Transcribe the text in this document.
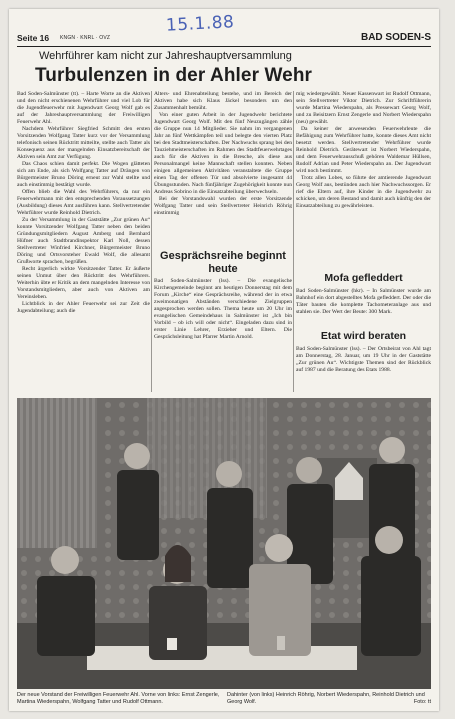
15.1.88
Seite 16 KNGN · KNRL · OVZ	BAD SODEN-S
Wehrführer kam nicht zur Jahreshauptversammlung
Turbulenzen in der Ahler Wehr

Bad Soden-Salmünster (tt). – Harte Worte an die Aktiven und den nicht erschienenen Wehrführer und viel Lob für die Jugendfeuerwehr mit Jugendwart Georg Wolf gab es auf der Jahreshauptversammlung der Freiwilligen Feuerwehr Ahl.

Nachdem Wehrführer Siegfried Schmitt den ersten Vorsitzenden Wolfgang Tatter kurz vor der Versammlung telefonisch seinen Rücktritt mitteilte, stellte auch Tatter als Konsequenz aus der mangelnden Einsatzbereitschaft der Aktiven sein Amt zur Verfügung.

Das Chaos schien damit perfekt. Die Wogen glätteten sich am Ende, als sich Wolfgang Tatter auf Drängen von Bürgermeister Bruno Döring erneut zur Wahl stellte und auch einstimmig bestätigt wurde.

Offen blieb die Wahl des Wehrführers, da nur ein Feuerwehrmann mit den entsprechenden Voraussetzungen (Ausbildung) dieses Amt ausführen kann. Stellvertretender Wehrführer wurde Reinhold Dietrich.

Zu der Versammlung in der Gaststätte „Zur grünen Au“ konnte Vorsitzender Wolfgang Tatter neben den beiden Gründungsmitgliedern August Amberg und Bernhard Hüfner auch Stadtbrandinspektor Karl Noll, dessen Stellvertreter Winfried Kirchner, Bürgermeister Bruno Döring und Ortsvorsteher Ewald Wolf, die allesamt Grußworte sprachen, begrüßen.

Recht ärgerlich wirkte Vorsitzender Tatter. Er äußerte seinen Unmut über den Rücktritt des Wehrführers. Weiterhin übte er Kritik an dem mangelnden Interesse von Vorstandsmitgliedern, aber auch von Aktiven am Vereinsleben.

Lichtblick in der Ahler Feuerwehr sei zur Zeit die Jugendabteilung; auch die

Alters- und Ehrenabteilung bestehe, und im Bereich der Aktiven habe sich Klaus Jäckel besonders um den Zusammenhalt bemüht.

Von einer guten Arbeit in der Jugendwehr berichtete Jugendwart Georg Wolf. Mit den fünf Neuzugängen zähle die Gruppe nun 14 Mitglieder. Sie nahm im vergangenen Jahr an fünf Wettkämpfen teil und belegte den vierten Platz bei den Stadtmeisterschaften. Der Nachwuchs sprang bei den Tauziehmeisterschaften im Rahmen des Stadtfeuerwehrtages auch für die Aktiven in die Bresche, als diese aus Personalmangel keine Mannschaft stellen konnten. Neben einigen allgemeinen Aktivitäten veranstaltete die Gruppe einen Tag der offenen Tür und absolvierte insgesamt 44 Übungsstunden. Nach fünfjähriger Zugehörigkeit konnte nun Andreas Sobrino in die Einsatzabteilung überwechseln.

Bei der Vorstandswahl wurden der erste Vorsitzende Wolfgang Tatter und sein Stellvertreter Heinrich Röhrig einstimmig

mig wiedergewählt. Neuer Kassenwart ist Rudolf Ottmann, sein Stellvertreter Viktor Dietrich. Zur Schriftführerin wurde Martina Wiederspahn, als Pressewart Georg Wolf, und zu Beisitzern Ernst Zengerle und Norbert Wiederspahn (neu) gewählt.

Da keiner der anwesenden Feuerwehrleute die Befähigung zum Wehrführer hatte, konnte dieses Amt nicht besetzt werden. Stellvertretender Wehrführer wurde Reinhold Dietrich. Gerätewart ist Norbert Wiederspahn, und dem Feuerwehrausschuß gehören Waldemar Hüllsen, Rudolf Adrian und Peter Wiederspahn an. Der Jugendwart wird noch bestimmt.

Trotz allen Lobes, so führte der amtierende Jugendwart Georg Wolf aus, bestünden auch hier Nachwuchssorgen. Er rief die Eltern auf, ihre Kinder in die Jugendwehr zu schicken, um deren Bestand und damit auch künftig den der Einsatzabteilung zu gewährleisten.

Gesprächsreihe beginnt heute

Bad Soden-Salmünster (lss). – Die evangelische Kirchengemeinde beginnt am heutigen Donnerstag mit dem Forum „Kirche“ eine Gesprächsreihe, während der in etwa zweimonatigen Abständen verschiedene Zielgruppen angesprochen werden sollen. Thema heute um 20 Uhr im evangelischen Gemeindehaus in Salmünster ist „Ich bin Vorbild – ob ich will oder nicht“. Eingeladen dazu sind in erster Linie Lehrer, Erzieher und Eltern. Die Gesprächsleitung hat Pfarrer Martin Arnold.

Mofa gefleddert

Bad Soden-Salmünster (hkr). – In Salmünster wurde am Bahnhof ein dort abgestelltes Mofa gefleddert. Der oder die Täter bauten die komplette Tachometeranlage aus und stahlen sie. Der Wert der Beute: 300 Mark.

Etat wird beraten

Bad Soden-Salmünster (lss). – Der Ortsbeirat von Ahl tagt am Donnerstag, 28. Januar, um 19 Uhr in der Gaststätte „Zur grünen Au“. Wichtigste Themen sind der Rückblick auf 1987 und die Beratung des Etats 1988.

Der neue Vorstand der Freiwilligen Feuerwehr Ahl. Vorne von links: Ernst Zengerle, Martina Wiederspahn, Wolfgang Tatter und Rudolf Ottmann.
Dahinter (von links) Heinrich Röhrig, Norbert Wiederspahn, Reinhold Dietrich und Georg Wolf.	Foto: tt
